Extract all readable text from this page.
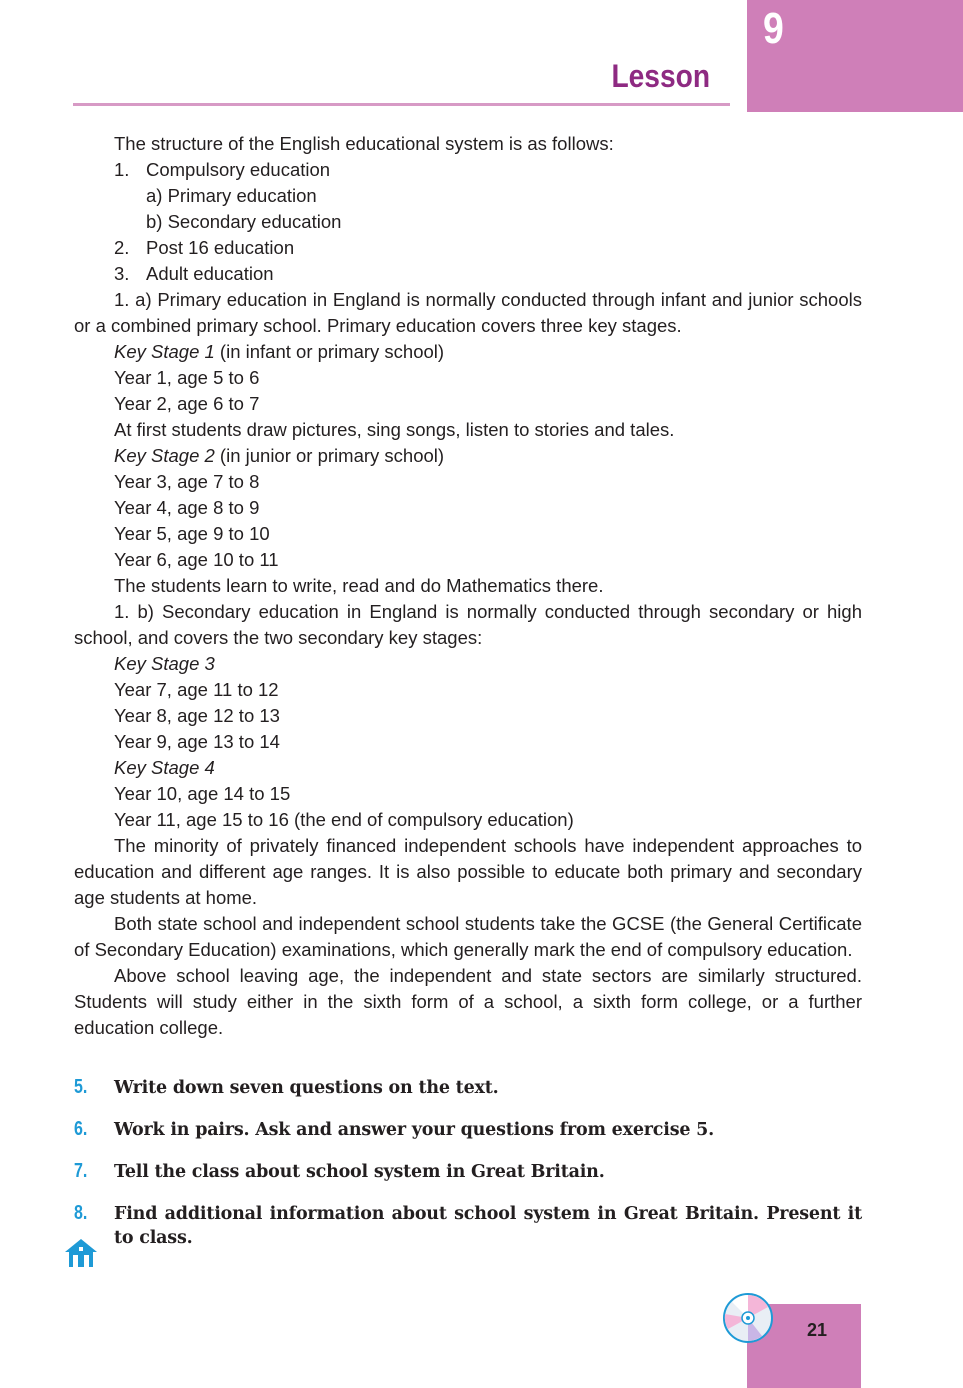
9
Lesson

The structure of the English educational system is as follows:

1. Compulsory education

a) Primary education

b) Secondary education

2. Post 16 education

3. Adult education

1. a) Primary education in England is normally conducted through infant and junior schools or a combined primary school. Primary education covers three key stages.

Key Stage 1 (in infant or primary school)

Year 1, age 5 to 6

Year 2, age 6 to 7

At first students draw pictures, sing songs, listen to stories and tales.

Key Stage 2 (in junior or primary school)

Year 3, age 7 to 8

Year 4, age 8 to 9

Year 5, age 9 to 10

Year 6, age 10 to 11

The students learn to write, read and do Mathematics there.

1. b) Secondary education in England is normally conducted through secondary or high school, and covers the two secondary key stages:

Key Stage 3

Year 7, age 11 to 12

Year 8, age 12 to 13

Year 9, age 13 to 14

Key Stage 4

Year 10, age 14 to 15

Year 11, age 15 to 16 (the end of compulsory education)

The minority of privately financed independent schools have independent approaches to education and different age ranges. It is also possible to educate both primary and secondary age students at home.

Both state school and independent school students take the GCSE (the General Certificate of Secondary Education) examinations, which generally mark the end of compulsory education.

Above school leaving age, the independent and state sectors are similarly structured. Students will study either in the sixth form of a school, a sixth form college, or a further education college.

5. Write down seven questions on the text.
6. Work in pairs. Ask and answer your questions from exercise 5.
7. Tell the class about school system in Great Britain.
8. Find additional information about school system in Great Britain. Present it to class.
21
